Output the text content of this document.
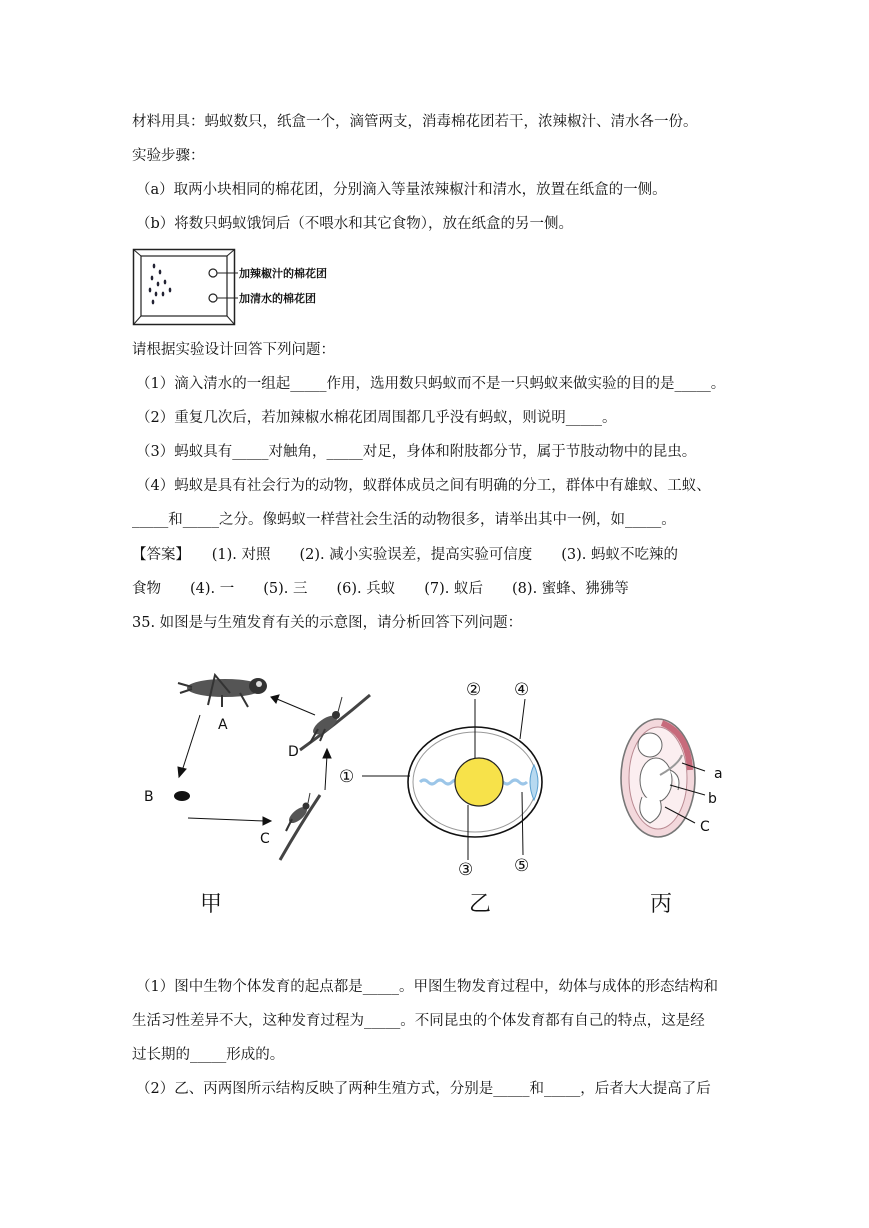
材料用具：蚂蚁数只，纸盒一个，滴管两支，消毒棉花团若干，浓辣椒汁、清水各一份。
实验步骤：
（a）取两小块相同的棉花团，分别滴入等量浓辣椒汁和清水，放置在纸盒的一侧。
（b）将数只蚂蚁饿饲后（不喂水和其它食物），放在纸盒的另一侧。
加辣椒汁的棉花团
加清水的棉花团
请根据实验设计回答下列问题：
（1）滴入清水的一组起_____作用，选用数只蚂蚁而不是一只蚂蚁来做实验的目的是_____。
（2）重复几次后，若加辣椒水棉花团周围都几乎没有蚂蚁，则说明_____。
（3）蚂蚁具有_____对触角，_____对足，身体和附肢都分节，属于节肢动物中的昆虫。
（4）蚂蚁是具有社会行为的动物，蚁群体成员之间有明确的分工，群体中有雄蚁、工蚁、
_____和_____之分。像蚂蚁一样营社会生活的动物很多，请举出其中一例，如_____。
【答案】　　(1). 对照　　(2). 减小实验误差，提高实验可信度　　(3). 蚂蚁不吃辣的
食物　　(4). 一　　(5). 三　　(6). 兵蚁　　(7). 蚁后　　(8). 蜜蜂、狒狒等
35. 如图是与生殖发育有关的示意图，请分析回答下列问题：
A
D
C
B
甲
①
②
③
④
⑤
乙
a
b
C
丙
（1）图中生物个体发育的起点都是_____。甲图生物发育过程中，幼体与成体的形态结构和
生活习性差异不大，这种发育过程为_____。不同昆虫的个体发育都有自己的特点，这是经
过长期的_____形成的。
（2）乙、丙两图所示结构反映了两种生殖方式，分别是_____和_____，后者大大提高了后
